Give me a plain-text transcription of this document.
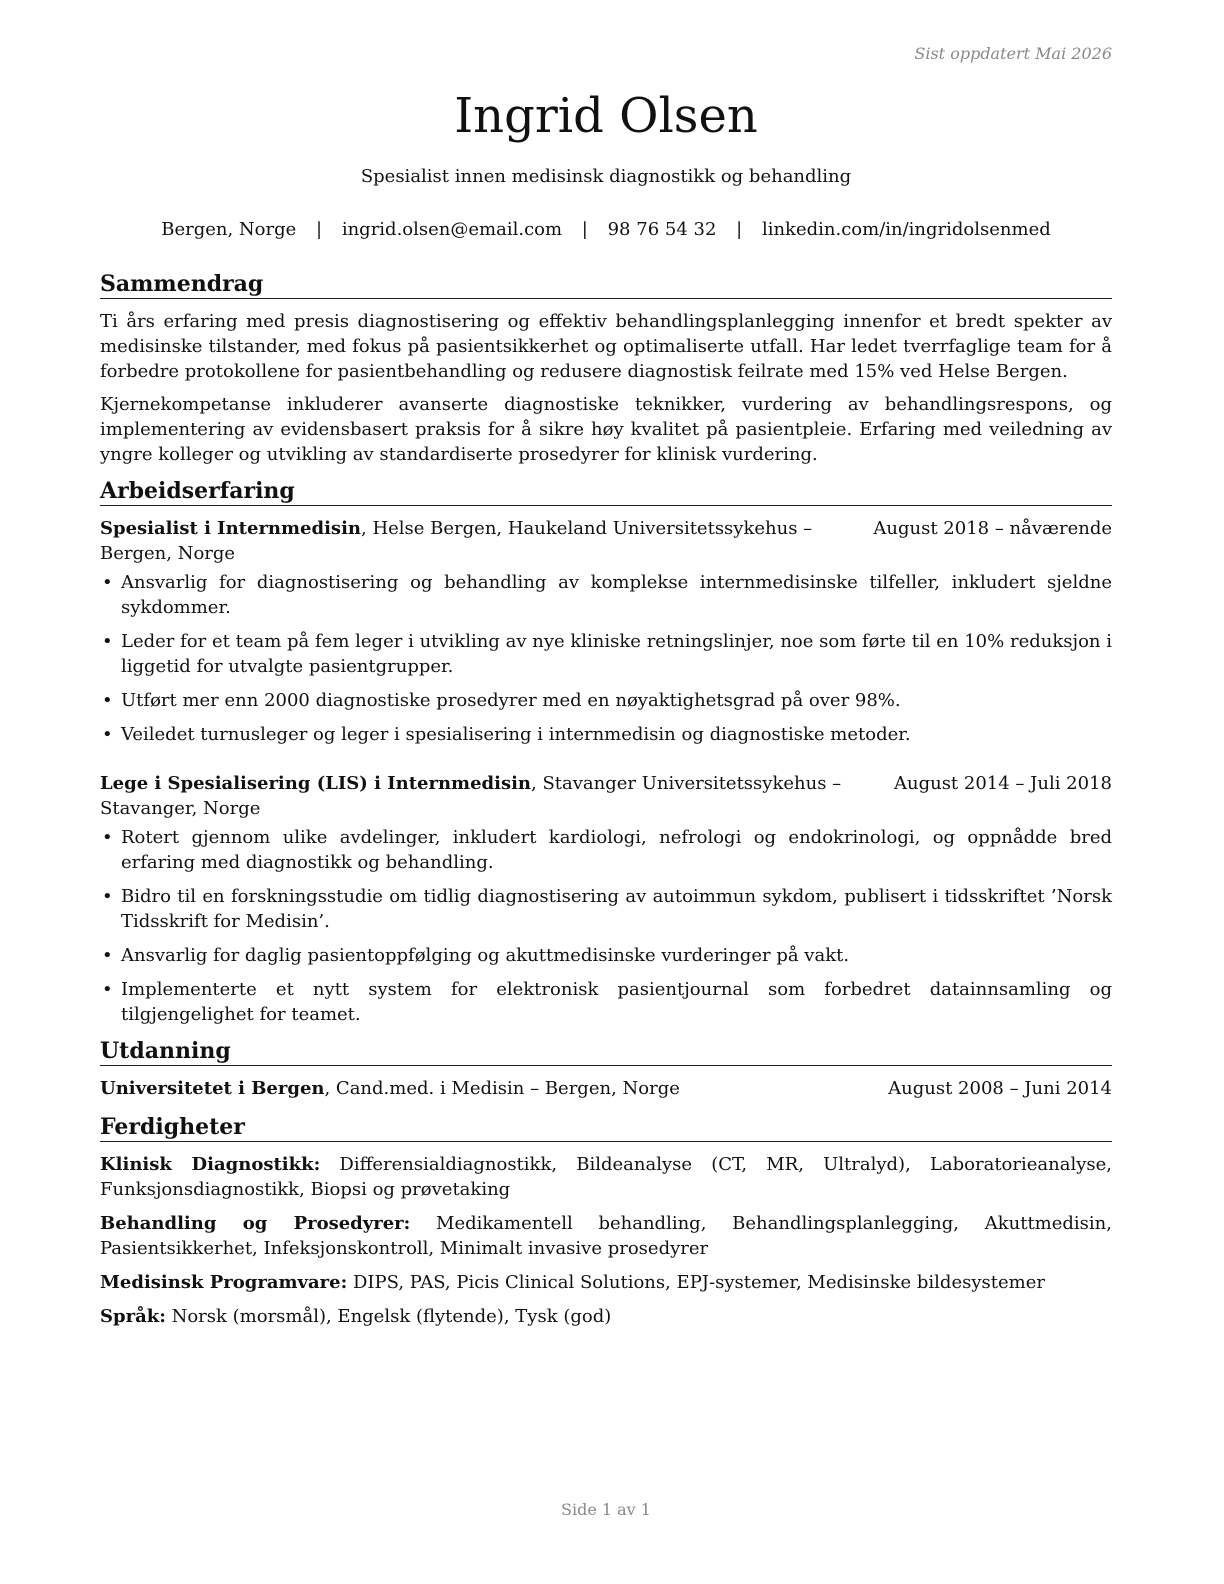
Sist oppdatert Mai 2026
Ingrid Olsen
Spesialist innen medisinsk diagnostikk og behandling
Bergen, Norge | ingrid.olsen@email.com | 98 76 54 32 | linkedin.com/in/ingridolsenmed
Sammendrag

Ti års erfaring med presis diagnostisering og effektiv behandlingsplanlegging innenfor et bredt spekter av medisinske tilstander, med fokus på pasientsikkerhet og optimaliserte utfall. Har ledet tverrfaglige team for å forbedre protokollene for pasientbehandling og redusere diagnostisk feilrate med 15% ved Helse Bergen.

Kjernekompetanse inkluderer avanserte diagnostiske teknikker, vurdering av behandlingsrespons, og implementering av evidensbasert praksis for å sikre høy kvalitet på pasientpleie. Erfaring med veiledning av yngre kolleger og utvikling av standardiserte prosedyrer for klinisk vurdering.

Arbeidserfaring
Spesialist i Internmedisin, Helse Bergen, Haukeland Universitetssykehus – Bergen, Norge
August 2018 – nåværende
• Ansvarlig for diagnostisering og behandling av komplekse internmedisinske tilfeller, inkludert sjeldne sykdommer.
• Leder for et team på fem leger i utvikling av nye kliniske retningslinjer, noe som førte til en 10% reduksjon i liggetid for utvalgte pasientgrupper.
• Utført mer enn 2000 diagnostiske prosedyrer med en nøyaktighetsgrad på over 98%.
• Veiledet turnusleger og leger i spesialisering i internmedisin og diagnostiske metoder.
Lege i Spesialisering (LIS) i Internmedisin, Stavanger Universitetssykehus – Stavanger, Norge
August 2014 – Juli 2018
• Rotert gjennom ulike avdelinger, inkludert kardiologi, nefrologi og endokrinologi, og oppnådde bred erfaring med diagnostikk og behandling.
• Bidro til en forskningsstudie om tidlig diagnostisering av autoimmun sykdom, publisert i tidsskriftet ’Norsk Tidsskrift for Medisin’.
• Ansvarlig for daglig pasientoppfølging og akuttmedisinske vurderinger på vakt.
• Implementerte et nytt system for elektronisk pasientjournal som forbedret datainnsamling og tilgjengelighet for teamet.
Utdanning
Universitetet i Bergen, Cand.med. i Medisin – Bergen, Norge	August 2008 – Juni 2014
Ferdigheter
Klinisk Diagnostikk: Differensialdiagnostikk, Bildeanalyse (CT, MR, Ultralyd), Laboratorieanalyse, Funksjonsdiagnostikk, Biopsi og prøvetaking
Behandling og Prosedyrer: Medikamentell behandling, Behandlingsplanlegging, Akuttmedisin, Pasientsikkerhet, Infeksjonskontroll, Minimalt invasive prosedyrer
Medisinsk Programvare: DIPS, PAS, Picis Clinical Solutions, EPJ-systemer, Medisinske bildesystemer
Språk: Norsk (morsmål), Engelsk (flytende), Tysk (god)
Side 1 av 1
